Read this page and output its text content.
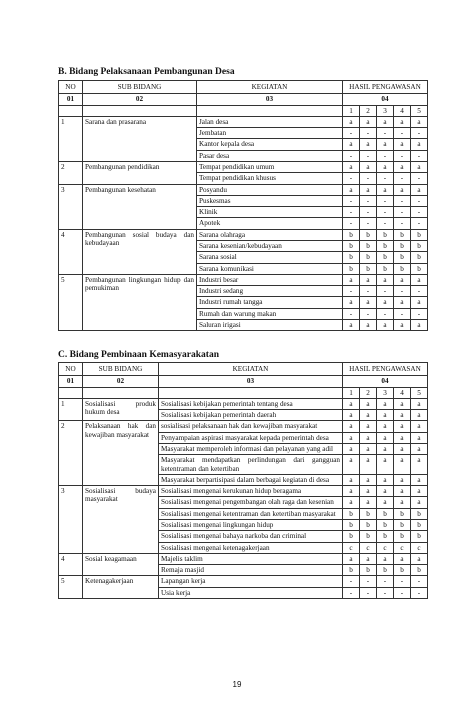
B. Bidang Pelaksanaan Pembangunan Desa
NO	SUB BIDANG	KEGIATAN	HASIL PENGAWASAN				
01	02	03	04				
			1	2	3	4	5
1	Sarana dan prasarana	Jalan desa	a	a	a	a	a
		Jembatan	-	-	-	-	-
		Kantor kepala desa	a	a	a	a	a
		Pasar desa	-	-	-	-	-
2	Pembangunan pendidikan	Tempat pendidikan umum	a	a	a	a	a
		Tempat pendidikan khusus	-	-	-	-	-
3	Pembangunan kesehatan	Posyandu	a	a	a	a	a
		Puskesmas	-	-	-	-	-
		Klinik	-	-	-	-	-
		Apotek	-	-	-	-	-
4	Pembangunan sosial budaya dan kebudayaan	Sarana olahraga	b	b	b	b	b
		Sarana kesenian/kebudayaan	b	b	b	b	b
		Sarana sosial	b	b	b	b	b
		Sarana komunikasi	b	b	b	b	b
5	Pembangunan lingkungan hidup dan pemukiman	Industri besar	a	a	a	a	a
		Industri sedang	-	-	-	-	-
		Industri rumah tangga	a	a	a	a	a
		Rumah dan warung makan	-	-	-	-	-
		Saluran irigasi	a	a	a	a	a
C. Bidang Pembinaan Kemasyarakatan
NO	SUB BIDANG	KEGIATAN	HASIL PENGAWASAN				
01	02	03	04				
			1	2	3	4	5
1	Sosialisasi produk hukum desa	Sosialisasi kebijakan pemerintah tentang desa	a	a	a	a	a
		Sosialisasi kebijakan pemerintah daerah	a	a	a	a	a
2	Pelaksanaan hak dan kewajiban masyarakat	sosialisasi pelaksanaan hak dan kewajiban masyarakat	a	a	a	a	a
		Penyampaian aspirasi masyarakat kepada pemerintah desa	a	a	a	a	a
		Masyarakat memperoleh informasi dan pelayanan yang adil	a	a	a	a	a
		Masyarakat mendapatkan perlindungan dari gangguan ketentraman dan ketertiban	a	a	a	a	a
		Masyarakat berpartisipasi dalam berbagai kegiatan di desa	a	a	a	a	a
3	Sosialisasi budaya masyarakat	Sosialisasi mengenai kerukunan hidup beragama	a	a	a	a	a
		Sosialisasi mengenai pengembangan olah raga dan kesenian	a	a	a	a	a
		Sosialisasi mengenai ketentraman dan ketertiban masyarakat	b	b	b	b	b
		Sosialisasi mengenai lingkungan hidup	b	b	b	b	b
		Sosialisasi mengenai bahaya narkoba dan criminal	b	b	b	b	b
		Sosialisasi mengenai ketenagakerjaan	c	c	c	c	c
4	Sosial keagamaan	Majelis taklim	a	a	a	a	a
		Remaja masjid	b	b	b	b	b
5	Ketenagakerjaan	Lapangan kerja	-	-	-	-	-
		Usia kerja	-	-	-	-	-
19
